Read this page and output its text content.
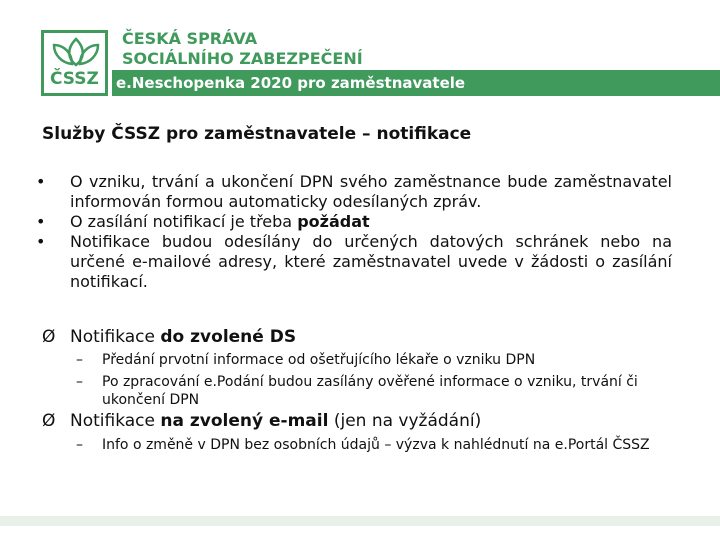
ČSSZ
ČESKÁ SPRÁVA
SOCIÁLNÍHO ZABEZPEČENÍ
e.Neschopenka 2020 pro zaměstnavatele
Služby ČSSZ pro zaměstnavatele – notifikace
• O vzniku, trvání a ukončení DPN svého zaměstnance bude zaměstnavatel informován formou automaticky odesílaných zpráv.
• O zasílání notifikací je třeba požádat
• Notifikace budou odesílány do určených datových schránek nebo na určené e-mailové adresy, které zaměstnavatel uvede v žádosti o zasílání notifikací.
Ø Notifikace do zvolené DS
– Předání prvotní informace od ošetřujícího lékaře o vzniku DPN
– Po zpracování e.Podání budou zasílány ověřené informace o vzniku, trvání či ukončení DPN
Ø Notifikace na zvolený e-mail (jen na vyžádání)
– Info o změně v DPN bez osobních údajů – výzva k nahlédnutí na e.Portál ČSSZ
